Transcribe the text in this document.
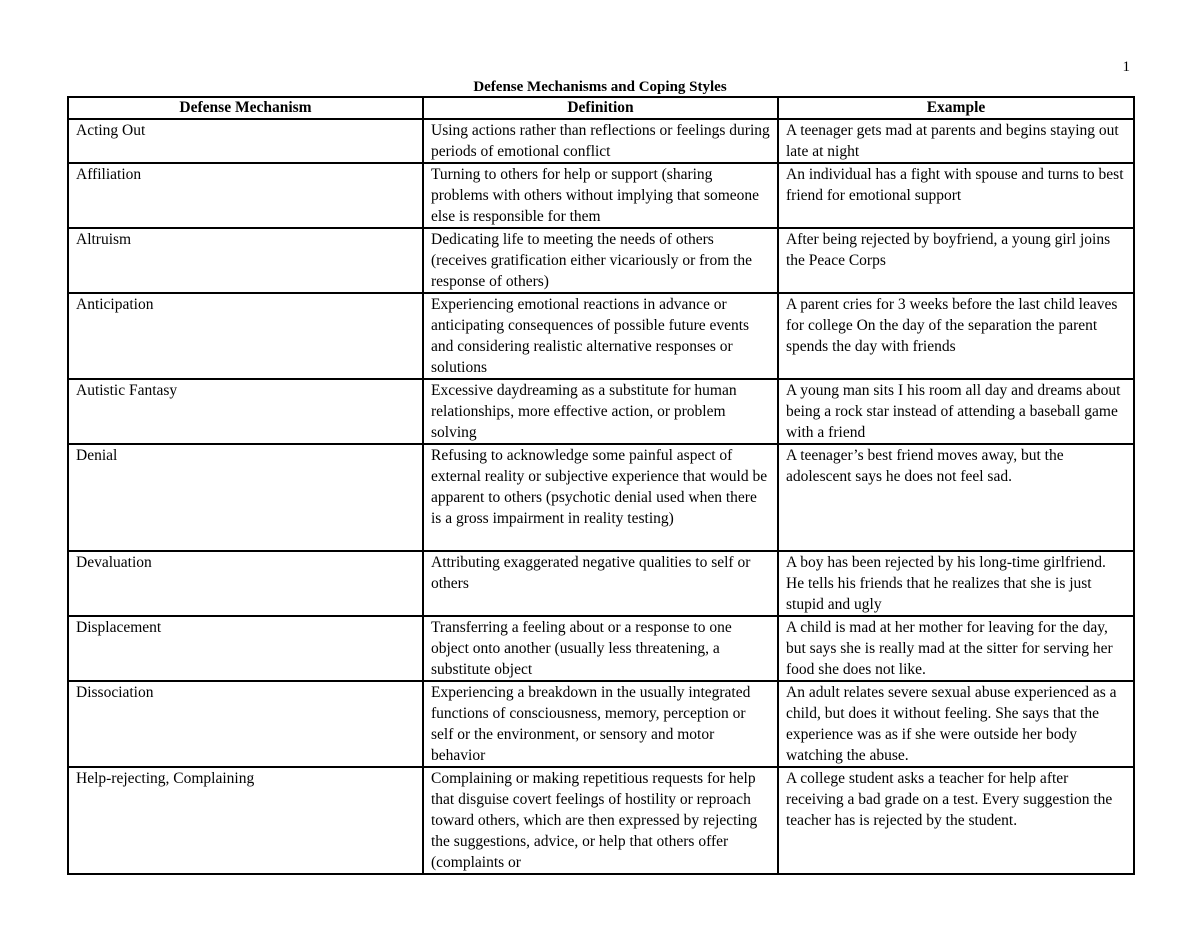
1
Defense Mechanisms and Coping Styles
Defense Mechanism	Definition	Example
Acting Out	Using actions rather than reflections or feelings during periods of emotional conflict	A teenager gets mad at parents and begins staying out late at night
Affiliation	Turning to others for help or support (sharing problems with others without implying that someone else is responsible for them	An individual has a fight with spouse and turns to best friend for emotional support
Altruism	Dedicating life to meeting the needs of others (receives gratification either vicariously or from the response of others)	After being rejected by boyfriend, a young girl joins the Peace Corps
Anticipation	Experiencing emotional reactions in advance or anticipating consequences of possible future events and considering realistic alternative responses or solutions	A parent cries for 3 weeks before the last child leaves for college On the day of the separation the parent spends the day with friends
Autistic Fantasy	Excessive daydreaming as a substitute for human relationships, more effective action, or problem solving	A young man sits I his room all day and dreams about being a rock star instead of attending a baseball game with a friend
Denial	Refusing to acknowledge some painful aspect of external reality or subjective experience that would be apparent to others (psychotic denial used when there is a gross impairment in reality testing)	A teenager’s best friend moves away, but the adolescent says he does not feel sad.
Devaluation	Attributing exaggerated negative qualities to self or others	A boy has been rejected by his long-time girlfriend. He tells his friends that he realizes that she is just stupid and ugly
Displacement	Transferring a feeling about or a response to one object onto another (usually less threatening, a substitute object	A child is mad at her mother for leaving for the day, but says she is really mad at the sitter for serving her food she does not like.
Dissociation	Experiencing a breakdown in the usually integrated functions of consciousness, memory, perception or self or the environment, or sensory and motor behavior	An adult relates severe sexual abuse experienced as a child, but does it without feeling. She says that the experience was as if she were outside her body watching the abuse.
Help-rejecting, Complaining	Complaining or making repetitious requests for help that disguise covert feelings of hostility or reproach toward others, which are then expressed by rejecting the suggestions, advice, or help that others offer (complaints or	A college student asks a teacher for help after receiving a bad grade on a test. Every suggestion the teacher has is rejected by the student.
